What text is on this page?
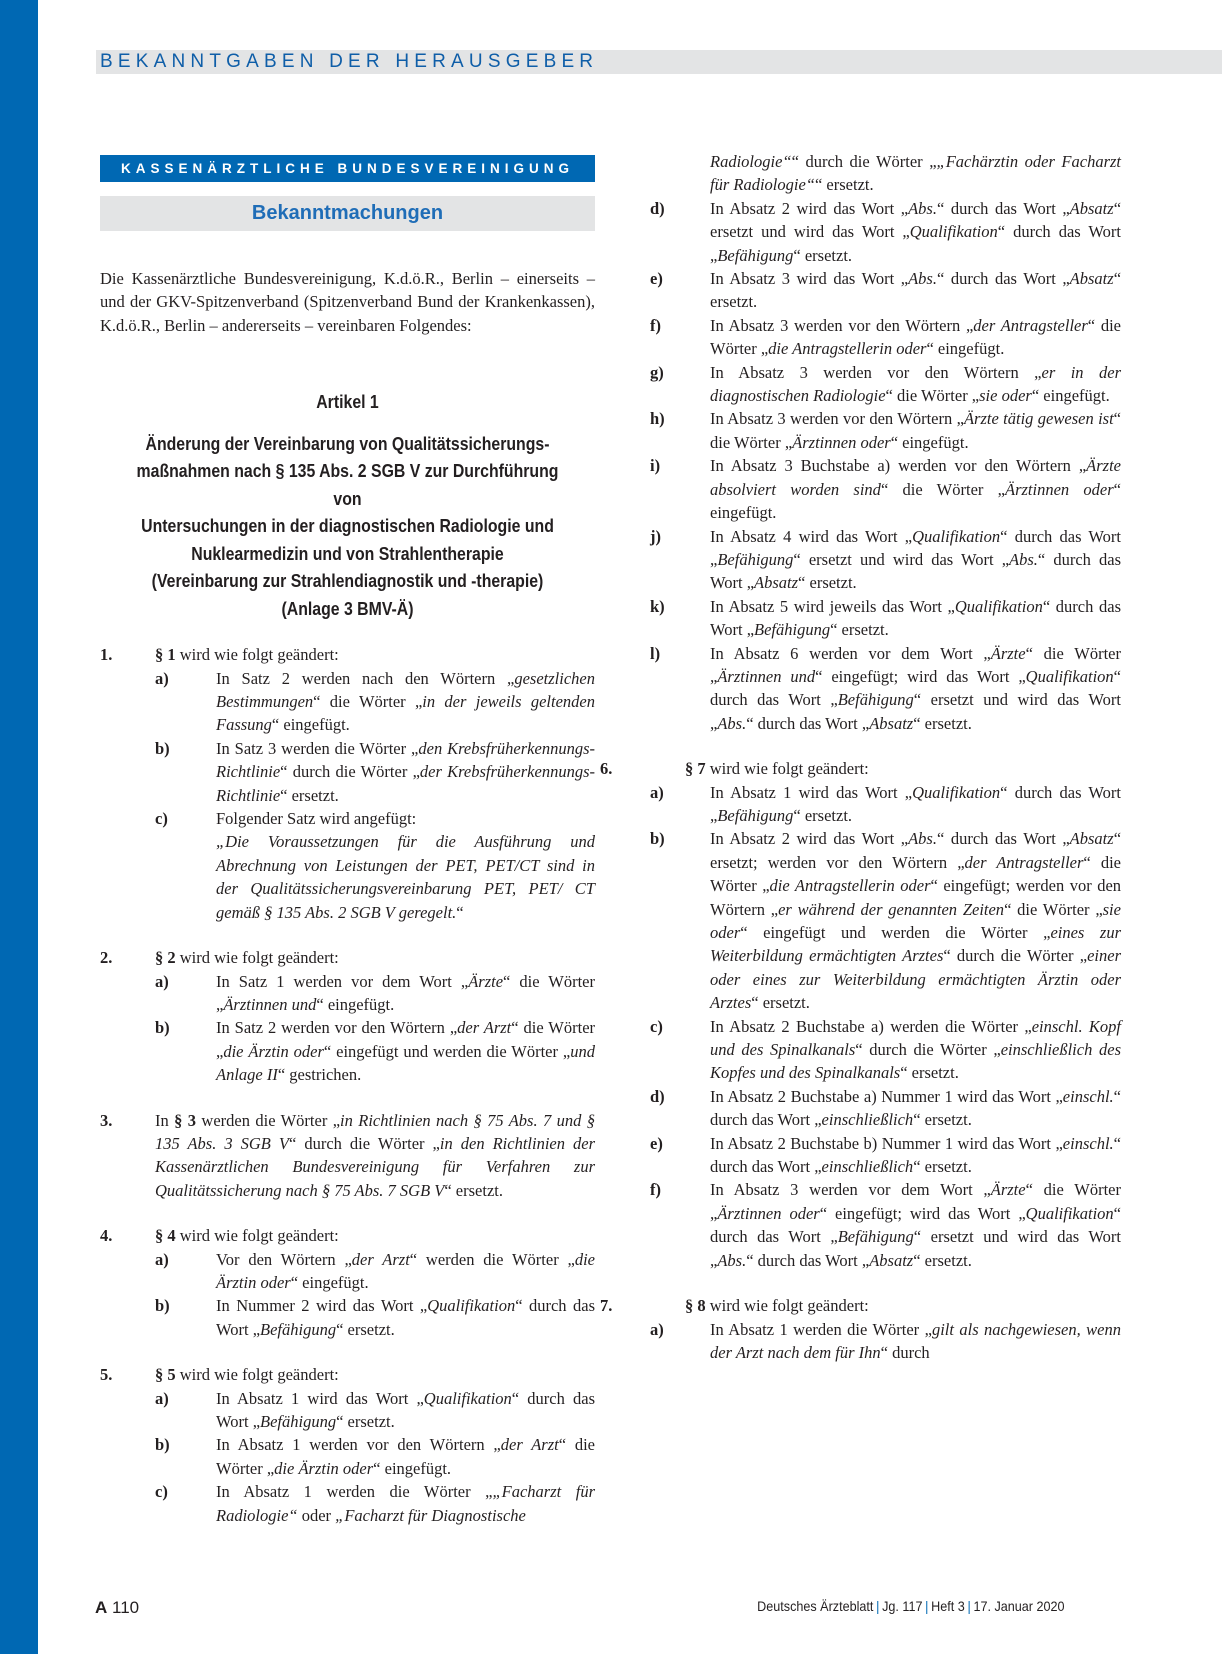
BEKANNTGABEN DER HERAUSGEBER
KASSENÄRZTLICHE BUNDESVEREINIGUNG
Bekanntmachungen

Die Kassenärztliche Bundesvereinigung, K.d.ö.R., Berlin – einerseits – und der GKV-Spitzenverband (Spitzenverband Bund der Krankenkassen), K.d.ö.R., Berlin – andererseits – vereinbaren Folgendes:

Artikel 1

Änderung der Vereinbarung von Qualitätssicherungs-
maßnahmen nach § 135 Abs. 2 SGB V zur Durchführung von
Untersuchungen in der diagnostischen Radiologie und
Nuklearmedizin und von Strahlentherapie
(Vereinbarung zur Strahlendiagnostik und -therapie)
(Anlage 3 BMV-Ä)

1.	§ 1 wird wie folgt geändert:

a)	In Satz 2 werden nach den Wörtern „gesetzlichen Bestimmungen“ die Wörter „in der jeweils geltenden Fassung“ eingefügt.
b)	In Satz 3 werden die Wörter „den Krebsfrüherkennungs-Richtlinie“ durch die Wörter „der Krebsfrüherkennungs-Richtlinie“ ersetzt.
c)	Folgender Satz wird angefügt:
„Die Voraussetzungen für die Ausführung und Abrechnung von Leistungen der PET, PET/CT sind in der Qualitätssicherungsvereinbarung PET, PET/ CT gemäß § 135 Abs. 2 SGB V geregelt.“
2.	§ 2 wird wie folgt geändert:

a)	In Satz 1 werden vor dem Wort „Ärzte“ die Wörter „Ärztinnen und“ eingefügt.
b)	In Satz 2 werden vor den Wörtern „der Arzt“ die Wörter „die Ärztin oder“ eingefügt und werden die Wörter „und Anlage II“ gestrichen.
3.	In § 3 werden die Wörter „in Richtlinien nach § 75 Abs. 7 und § 135 Abs. 3 SGB V“ durch die Wörter „in den Richtlinien der Kassenärztlichen Bundesvereinigung für Verfahren zur Qualitätssicherung nach § 75 Abs. 7 SGB V“ ersetzt.

4.	§ 4 wird wie folgt geändert:

a)	Vor den Wörtern „der Arzt“ werden die Wörter „die Ärztin oder“ eingefügt.
b)	In Nummer 2 wird das Wort „Qualifikation“ durch das Wort „Befähigung“ ersetzt.
5.	§ 5 wird wie folgt geändert:

a)	In Absatz 1 wird das Wort „Qualifikation“ durch das Wort „Befähigung“ ersetzt.
b)	In Absatz 1 werden vor den Wörtern „der Arzt“ die Wörter „die Ärztin oder“ eingefügt.
c)	In Absatz 1 werden die Wörter „„Facharzt für Radiologie“ oder „Facharzt für Diagnostische
Radiologie““ durch die Wörter „„Fachärztin oder Facharzt für Radiologie““ ersetzt.
d)	In Absatz 2 wird das Wort „Abs.“ durch das Wort „Absatz“ ersetzt und wird das Wort „Qualifikation“ durch das Wort „Befähigung“ ersetzt.
e)	In Absatz 3 wird das Wort „Abs.“ durch das Wort „Absatz“ ersetzt.
f)	In Absatz 3 werden vor den Wörtern „der Antragsteller“ die Wörter „die Antragstellerin oder“ eingefügt.
g)	In Absatz 3 werden vor den Wörtern „er in der diagnostischen Radiologie“ die Wörter „sie oder“ eingefügt.
h)	In Absatz 3 werden vor den Wörtern „Ärzte tätig gewesen ist“ die Wörter „Ärztinnen oder“ eingefügt.
i)	In Absatz 3 Buchstabe a) werden vor den Wörtern „Ärzte absolviert worden sind“ die Wörter „Ärztinnen oder“ eingefügt.
j)	In Absatz 4 wird das Wort „Qualifikation“ durch das Wort „Befähigung“ ersetzt und wird das Wort „Abs.“ durch das Wort „Absatz“ ersetzt.
k)	In Absatz 5 wird jeweils das Wort „Qualifikation“ durch das Wort „Befähigung“ ersetzt.
l)	In Absatz 6 werden vor dem Wort „Ärzte“ die Wörter „Ärztinnen und“ eingefügt; wird das Wort „Qualifikation“ durch das Wort „Befähigung“ ersetzt und wird das Wort „Abs.“ durch das Wort „Absatz“ ersetzt.
6.	§ 7 wird wie folgt geändert:

a)	In Absatz 1 wird das Wort „Qualifikation“ durch das Wort „Befähigung“ ersetzt.
b)	In Absatz 2 wird das Wort „Abs.“ durch das Wort „Absatz“ ersetzt; werden vor den Wörtern „der Antragsteller“ die Wörter „die Antragstellerin oder“ eingefügt; werden vor den Wörtern „er während der genannten Zeiten“ die Wörter „sie oder“ eingefügt und werden die Wörter „eines zur Weiterbildung ermächtigten Arztes“ durch die Wörter „einer oder eines zur Weiterbildung ermächtigten Ärztin oder Arztes“ ersetzt.
c)	In Absatz 2 Buchstabe a) werden die Wörter „einschl. Kopf und des Spinalkanals“ durch die Wörter „einschließlich des Kopfes und des Spinalkanals“ ersetzt.
d)	In Absatz 2 Buchstabe a) Nummer 1 wird das Wort „einschl.“ durch das Wort „einschließlich“ ersetzt.
e)	In Absatz 2 Buchstabe b) Nummer 1 wird das Wort „einschl.“ durch das Wort „einschließlich“ ersetzt.
f)	In Absatz 3 werden vor dem Wort „Ärzte“ die Wörter „Ärztinnen oder“ eingefügt; wird das Wort „Qualifikation“ durch das Wort „Befähigung“ ersetzt und wird das Wort „Abs.“ durch das Wort „Absatz“ ersetzt.
7.	§ 8 wird wie folgt geändert:

a)	In Absatz 1 werden die Wörter „gilt als nachgewiesen, wenn der Arzt nach dem für Ihn“ durch
A 110	Deutsches Ärzteblatt | Jg. 117 | Heft 3 | 17. Januar 2020
